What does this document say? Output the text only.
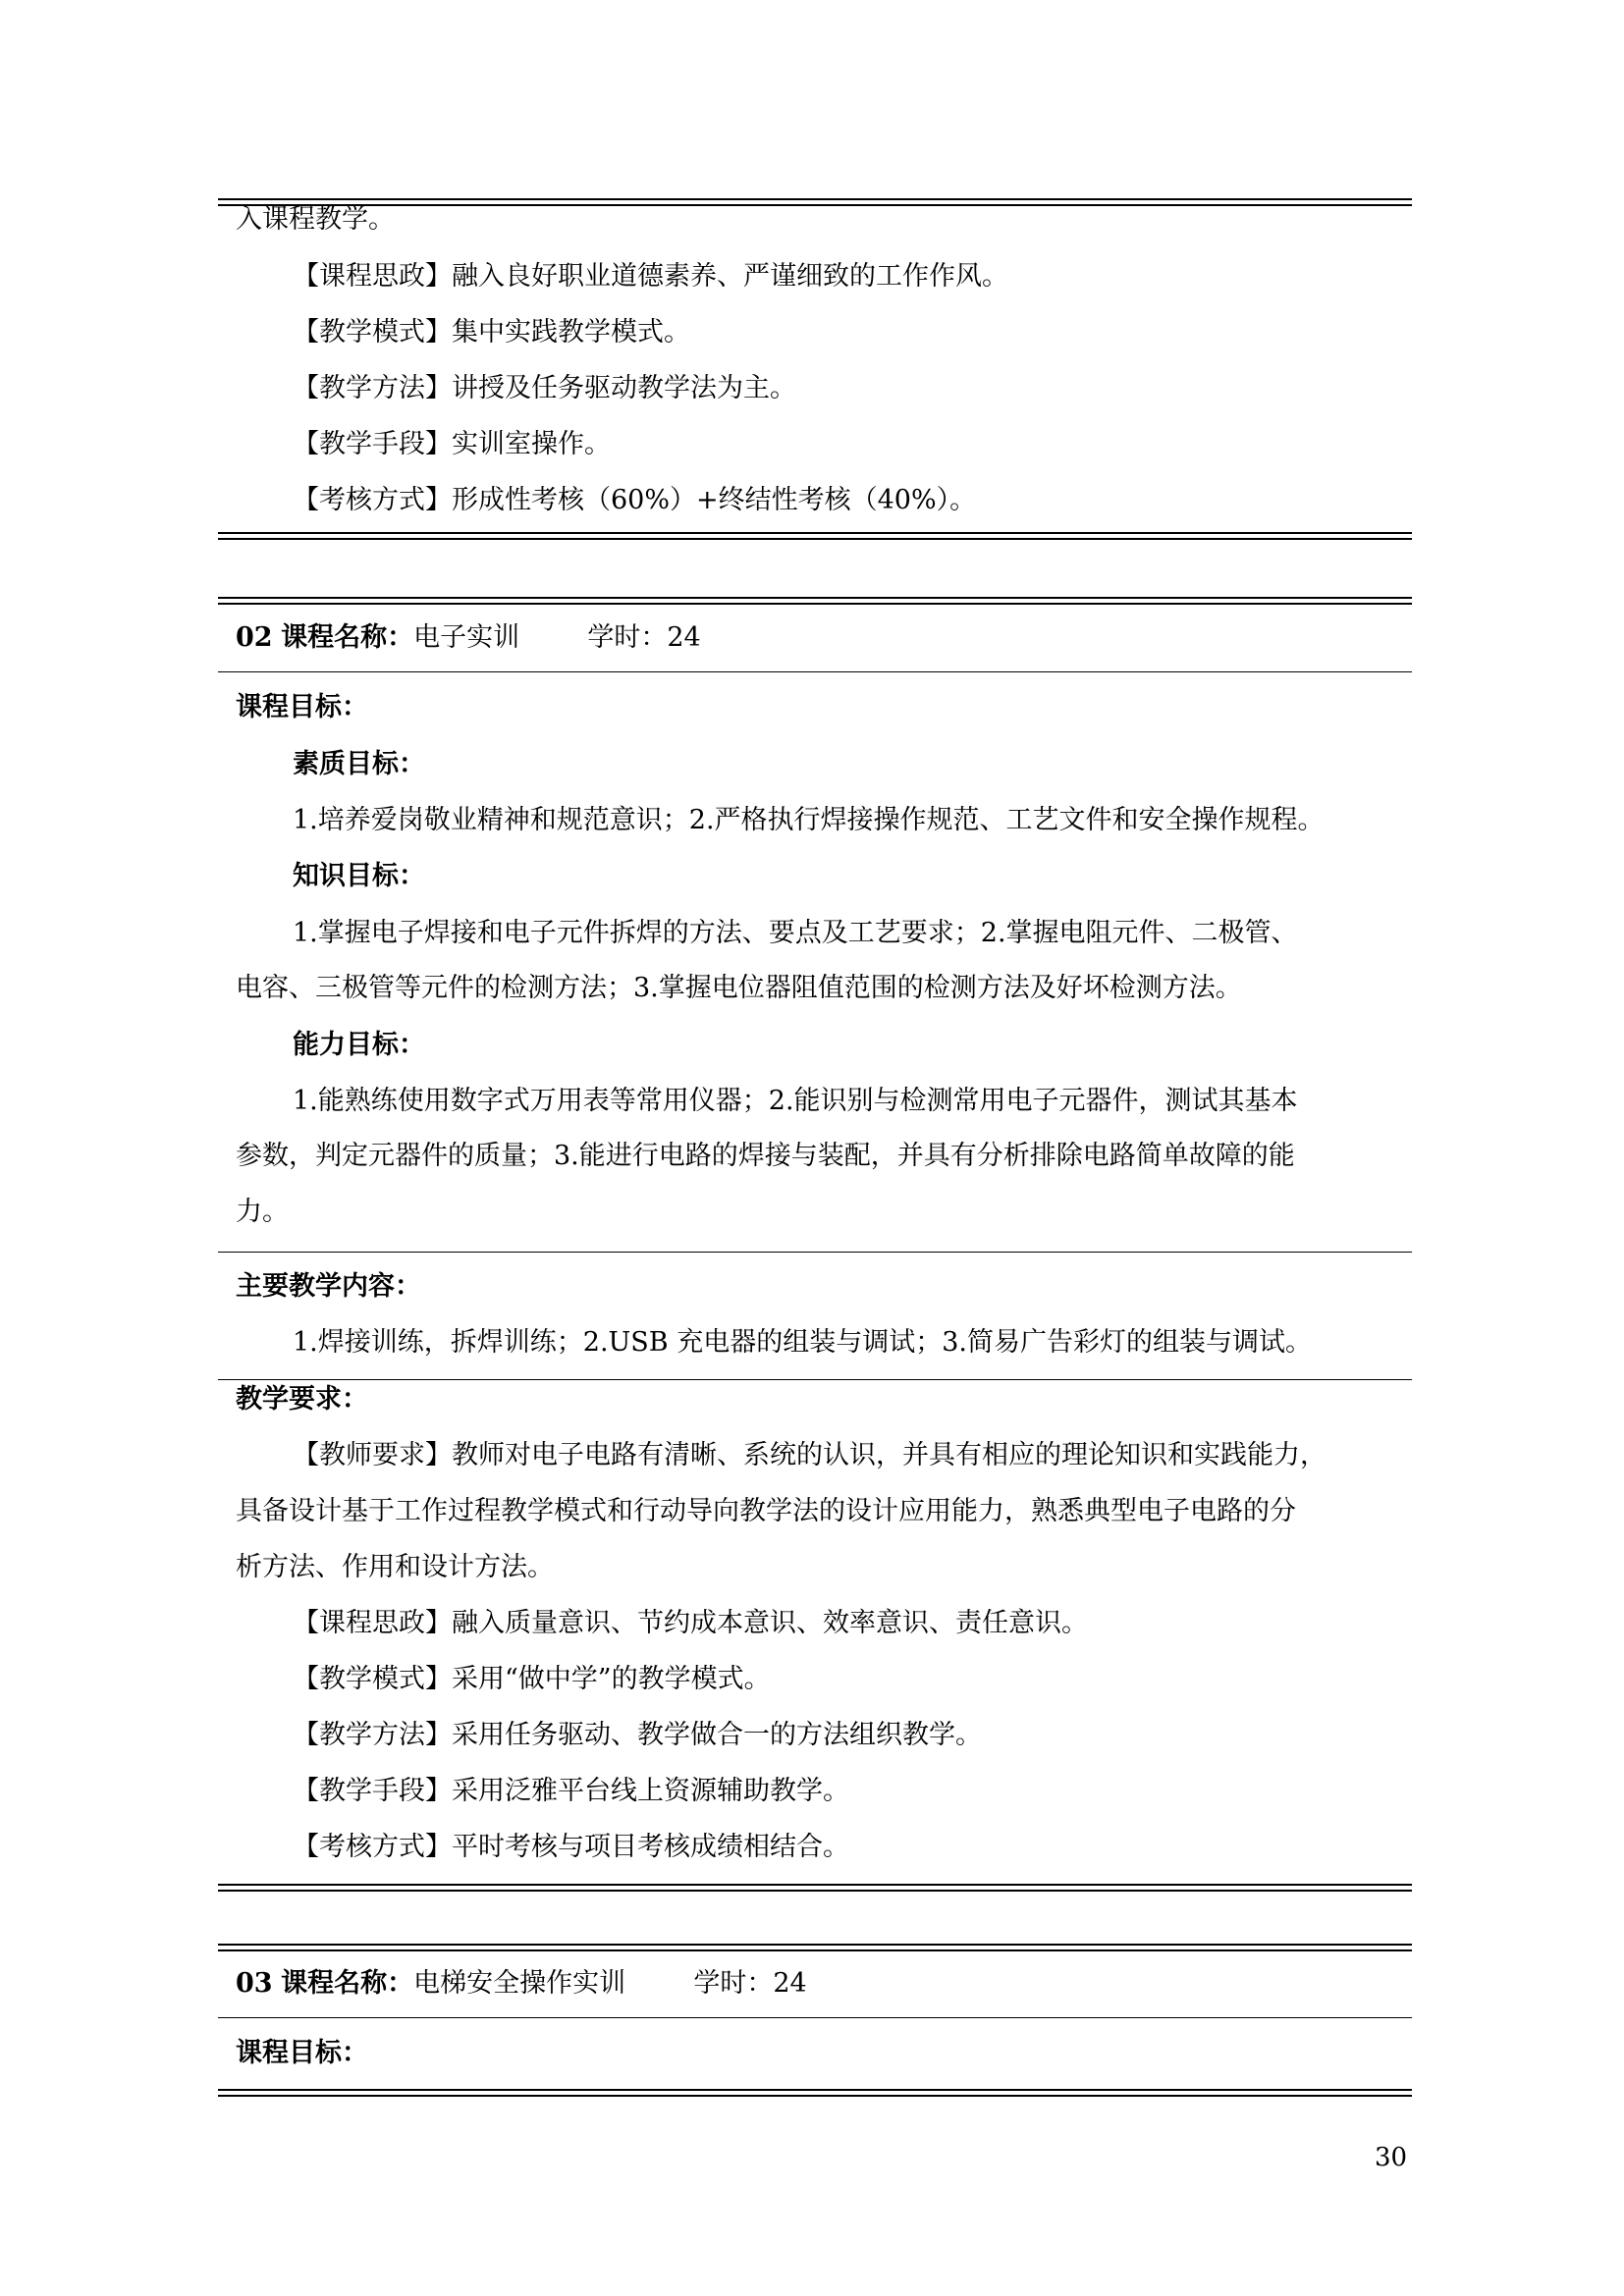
入课程教学。
【课程思政】融入良好职业道德素养、严谨细致的工作作风。
【教学模式】集中实践教学模式。
【教学方法】讲授及任务驱动教学法为主。
【教学手段】实训室操作。
【考核方式】形成性考核（60%）+终结性考核（40%）。
02 课程名称：电子实训	学时：24
课程目标：
素质目标：
1.培养爱岗敬业精神和规范意识；2.严格执行焊接操作规范、工艺文件和安全操作规程。
知识目标：
1.掌握电子焊接和电子元件拆焊的方法、要点及工艺要求；2.掌握电阻元件、二极管、
电容、三极管等元件的检测方法；3.掌握电位器阻值范围的检测方法及好坏检测方法。
能力目标：
1.能熟练使用数字式万用表等常用仪器；2.能识别与检测常用电子元器件，测试其基本
参数，判定元器件的质量；3.能进行电路的焊接与装配，并具有分析排除电路简单故障的能
力。
主要教学内容：
1.焊接训练，拆焊训练；2.USB 充电器的组装与调试；3.简易广告彩灯的组装与调试。
教学要求：
【教师要求】教师对电子电路有清晰、系统的认识，并具有相应的理论知识和实践能力，
具备设计基于工作过程教学模式和行动导向教学法的设计应用能力，熟悉典型电子电路的分
析方法、作用和设计方法。
【课程思政】融入质量意识、节约成本意识、效率意识、责任意识。
【教学模式】采用“做中学”的教学模式。
【教学方法】采用任务驱动、教学做合一的方法组织教学。
【教学手段】采用泛雅平台线上资源辅助教学。
【考核方式】平时考核与项目考核成绩相结合。
03 课程名称：电梯安全操作实训	学时：24
课程目标：
30
